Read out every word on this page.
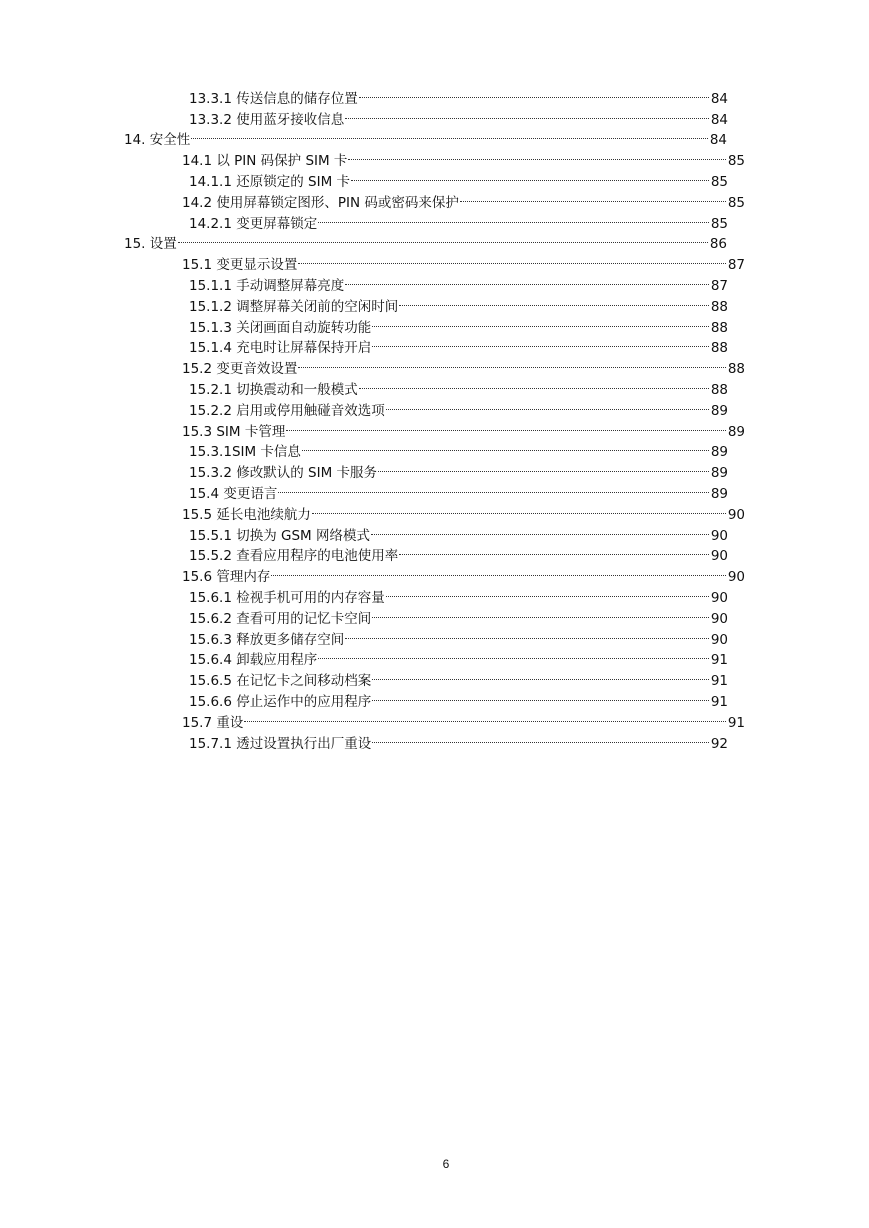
13.3.1 传送信息的储存位置	84
13.3.2 使用蓝牙接收信息	84
14. 安全性	84
14.1 以 PIN 码保护 SIM 卡	85
14.1.1 还原锁定的 SIM 卡	85
14.2 使用屏幕锁定图形、PIN 码或密码来保护	85
14.2.1 变更屏幕锁定	85
15. 设置	86
15.1 变更显示设置	87
15.1.1 手动调整屏幕亮度	87
15.1.2 调整屏幕关闭前的空闲时间	88
15.1.3 关闭画面自动旋转功能	88
15.1.4 充电时让屏幕保持开启	88
15.2 变更音效设置	88
15.2.1 切换震动和一般模式	88
15.2.2 启用或停用触碰音效选项	89
15.3 SIM 卡管理	89
15.3.1SIM 卡信息	89
15.3.2 修改默认的 SIM 卡服务	89
15.4 变更语言	89
15.5 延长电池续航力	90
15.5.1 切换为 GSM 网络模式	90
15.5.2 查看应用程序的电池使用率	90
15.6 管理内存	90
15.6.1 检视手机可用的内存容量	90
15.6.2 查看可用的记忆卡空间	90
15.6.3 释放更多储存空间	90
15.6.4 卸载应用程序	91
15.6.5 在记忆卡之间移动档案	91
15.6.6 停止运作中的应用程序	91
15.7 重设	91
15.7.1 透过设置执行出厂重设	92
6
